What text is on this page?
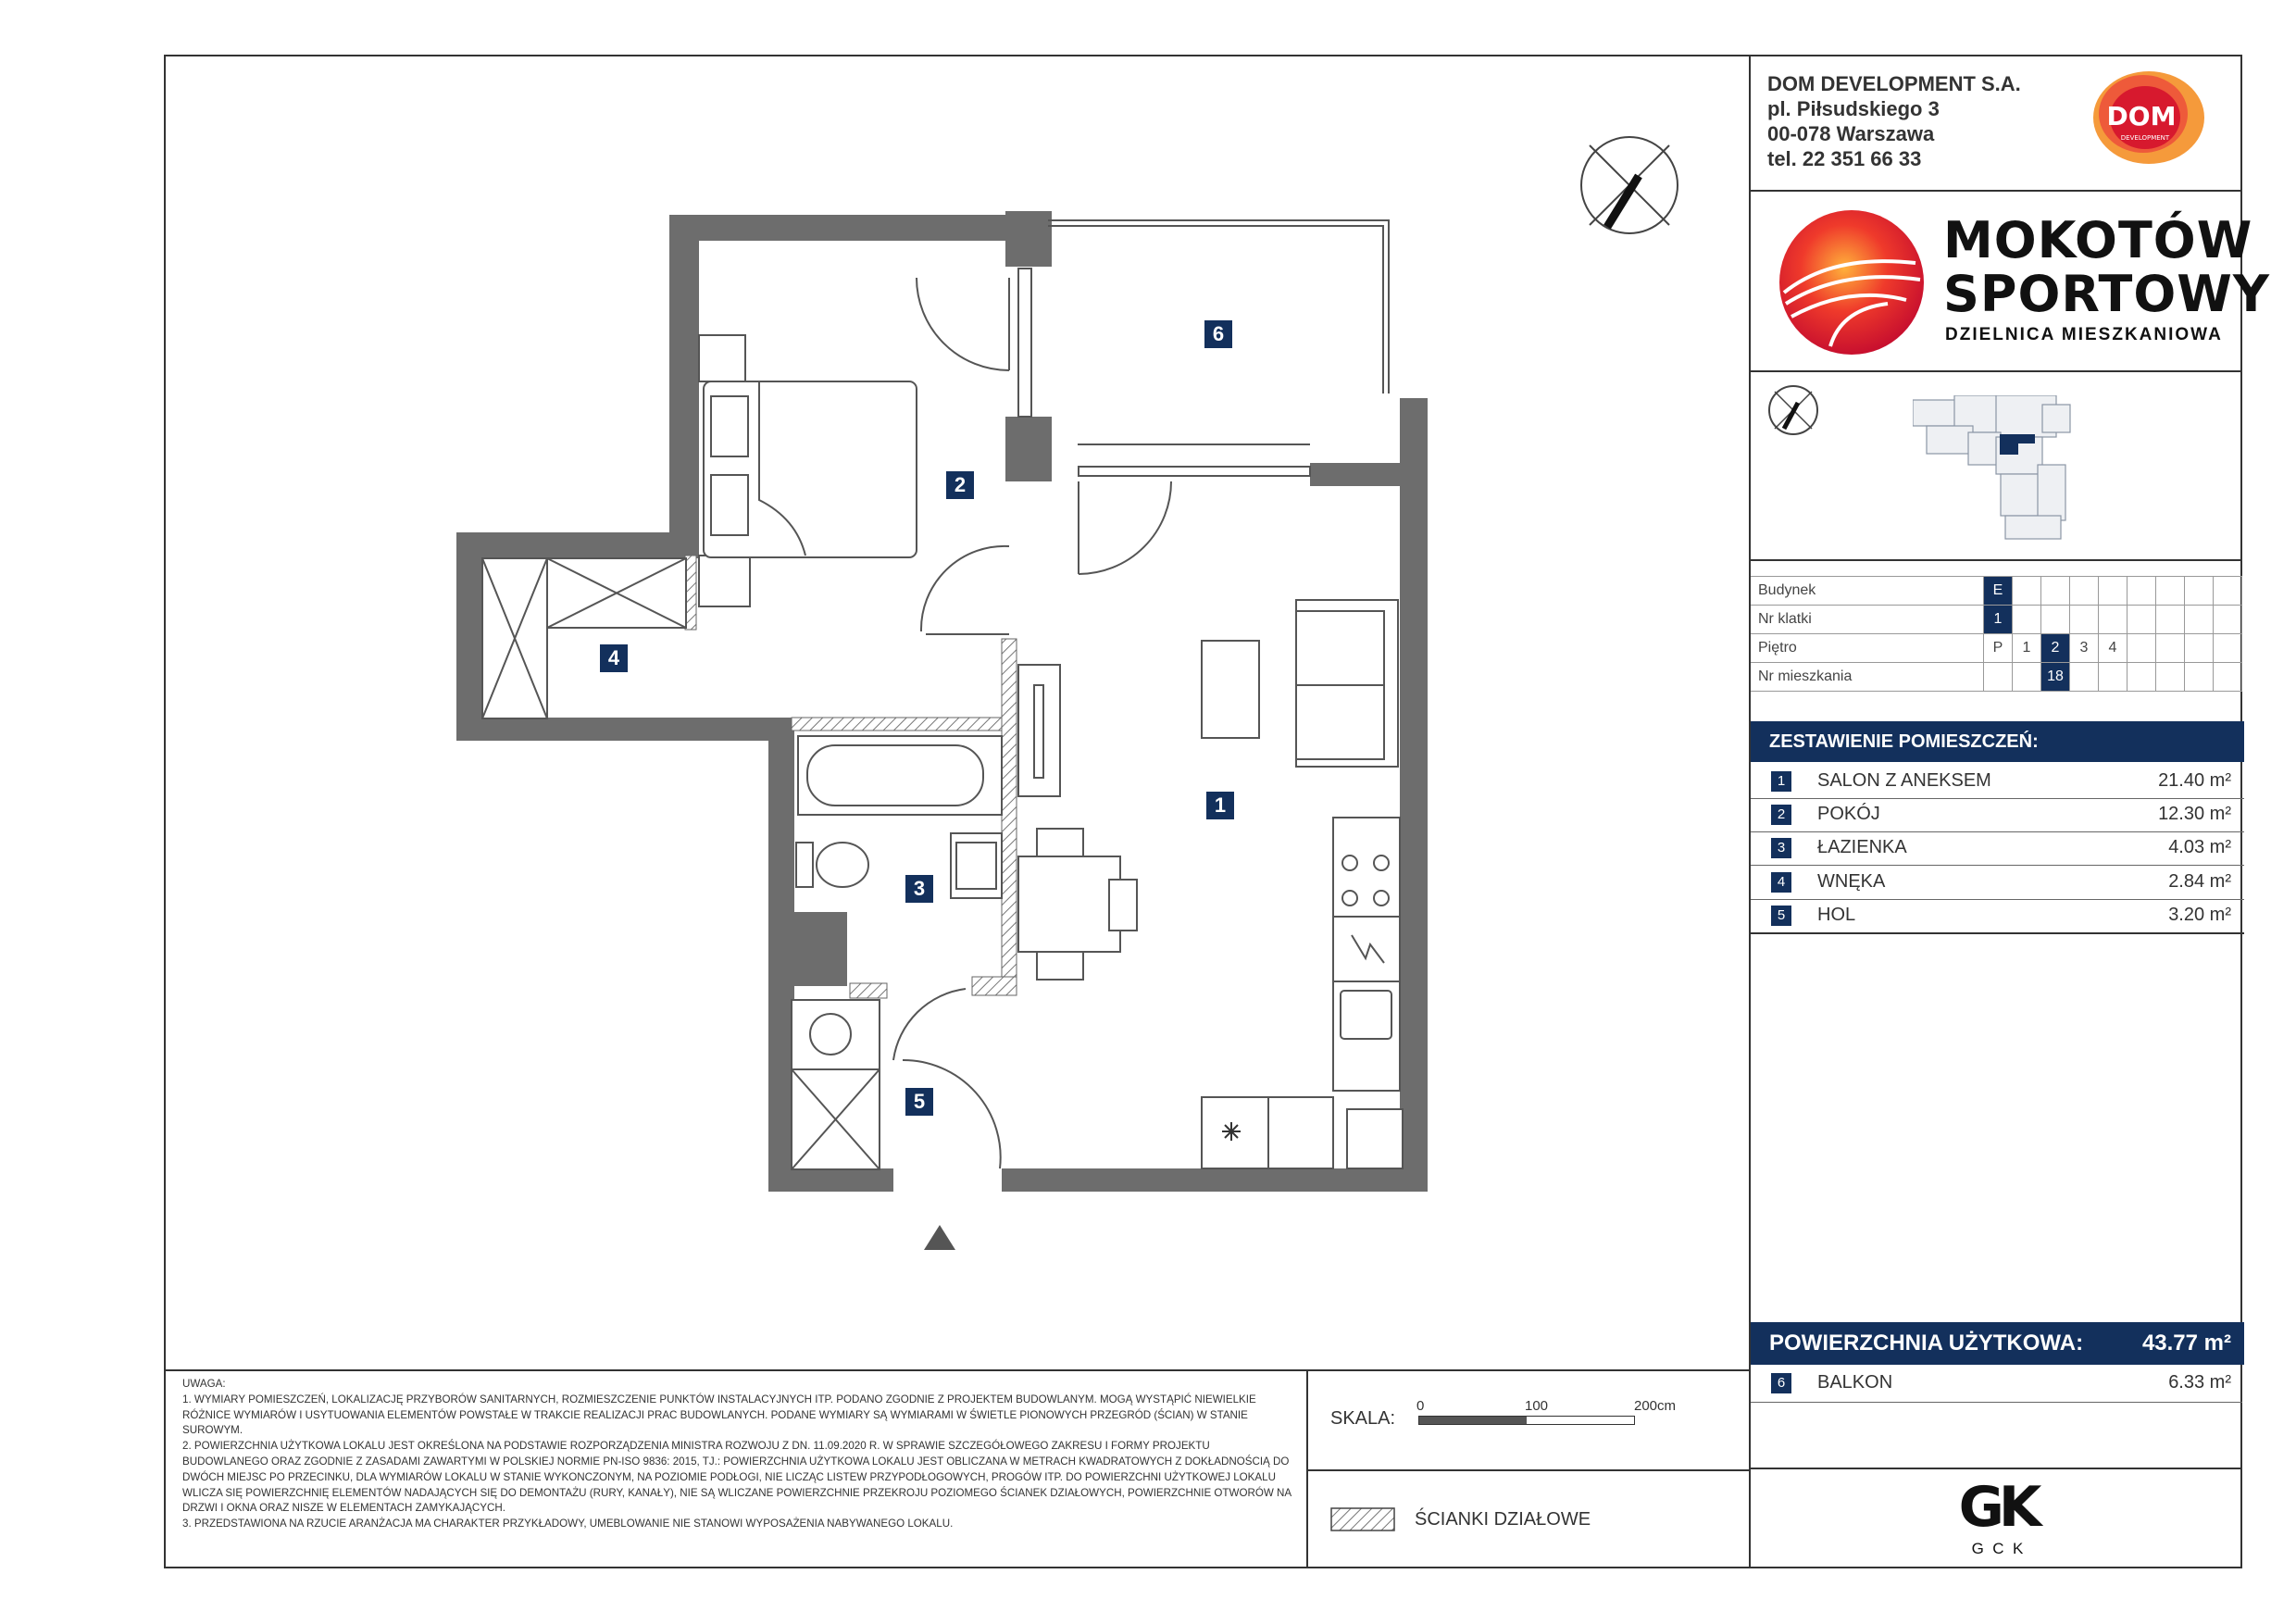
6
2
4
1
3
5
DOM DEVELOPMENT S.A.
pl. Piłsudskiego 3
00-078 Warszawa
tel. 22 351 66 33
DOM
DEVELOPMENT
MOKOTÓW
SPORTOWY
DZIELNICA MIESZKANIOWA
Budynek	E								
Nr klatki	1								
Piętro	P	1	2	3	4				
Nr mieszkania			18						
ZESTAWIENIE POMIESZCZEŃ:
1	SALON Z ANEKSEM	21.40 m²
2	POKÓJ	12.30 m²
3	ŁAZIENKA	4.03 m²
4	WNĘKA	2.84 m²
5	HOL	3.20 m²
POWIERZCHNIA UŻYTKOWA:	43.77 m²
6	BALKON	6.33 m²
GK
G  C  K

UWAGA:

1. WYMIARY POMIESZCZEŃ, LOKALIZACJĘ PRZYBORÓW SANITARNYCH, ROZMIESZCZENIE PUNKTÓW INSTALACYJNYCH ITP. PODANO ZGODNIE Z PROJEKTEM BUDOWLANYM. MOGĄ WYSTĄPIĆ NIEWIELKIE RÓŻNICE WYMIARÓW I USYTUOWANIA ELEMENTÓW POWSTAŁE W TRAKCIE REALIZACJI PRAC BUDOWLANYCH. PODANE WYMIARY SĄ WYMIARAMI W ŚWIETLE PIONOWYCH PRZEGRÓD (ŚCIAN) W STANIE SUROWYM.

2. POWIERZCHNIA UŻYTKOWA LOKALU JEST OKREŚLONA NA PODSTAWIE ROZPORZĄDZENIA MINISTRA ROZWOJU Z DN. 11.09.2020 R. W SPRAWIE SZCZEGÓŁOWEGO ZAKRESU I FORMY PROJEKTU BUDOWLANEGO ORAZ ZGODNIE Z ZASADAMI ZAWARTYMI W POLSKIEJ NORMIE PN-ISO 9836: 2015, TJ.: POWIERZCHNIA UŻYTKOWA LOKALU JEST OBLICZANA W METRACH KWADRATOWYCH Z DOKŁADNOŚCIĄ DO DWÓCH MIEJSC PO PRZECINKU, DLA WYMIARÓW LOKALU W STANIE WYKONCZONYM, NA POZIOMIE PODŁOGI, NIE LICZĄC LISTEW PRZYPODŁOGOWYCH, PROGÓW ITP. DO POWIERZCHNI UŻYTKOWEJ LOKALU WLICZA SIĘ POWIERZCHNIĘ ELEMENTÓW NADAJĄCYCH SIĘ DO DEMONTAŻU (RURY, KANAŁY), NIE SĄ WLICZANE POWIERZCHNIE PRZEKROJU POZIOMEGO ŚCIANEK DZIAŁOWYCH, POWIERZCHNIE OTWORÓW NA DRZWI I OKNA ORAZ NISZE W ELEMENTACH ZAMYKAJĄCYCH.

3. PRZEDSTAWIONA NA RZUCIE ARANŻACJA MA CHARAKTER PRZYKŁADOWY, UMEBLOWANIE NIE STANOWI WYPOSAŻENIA NABYWANEGO LOKALU.

SKALA:
0	100	200cm
ŚCIANKI DZIAŁOWE
